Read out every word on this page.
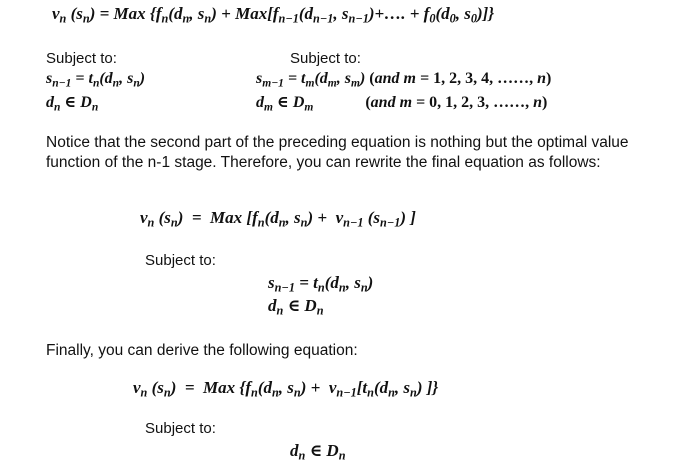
$v_n$ $(s_n)$ = Max {$f_n(d_n$, $s_n) + Max[f_{n-1}(d_{n-1}$, $s_{n-1})+\dots$. + $f_0(d_0$, $s_0$)]}
Subject to:	Subject to:
$s_{n-1} = t_n(d_n$, $s_n$)
$d_n$ ∈ $D_n$
$s_{m-1} = t_m(d_m$, $s_m$) (and m = 1, 2, 3, 4, ……, n)
$d_m$ ∈ $D_m$	(and m = 0, 1, 2, 3, ……, n)
Notice that the second part of the preceding equation is nothing but the optimal value function of the n-1 stage. Therefore, you can rewrite the final equation as follows:
$v_n$ $(s_n)$  =  Max [$f_n(d_n$, $s_n) + v_{n-1}$ $(s_{n-1})$ ]
Subject to:
$s_{n-1} = t_n(d_n$, $s_n$)
$d_n$ ∈ $D_n$
Finally, you can derive the following equation:
$v_n$ $(s_n)$  =  Max {$f_n(d_n$, $s_n) + v_{n-1}[t_n(d_n$, $s_n$) ]}
Subject to:
$d_n$ ∈ $D_n$
